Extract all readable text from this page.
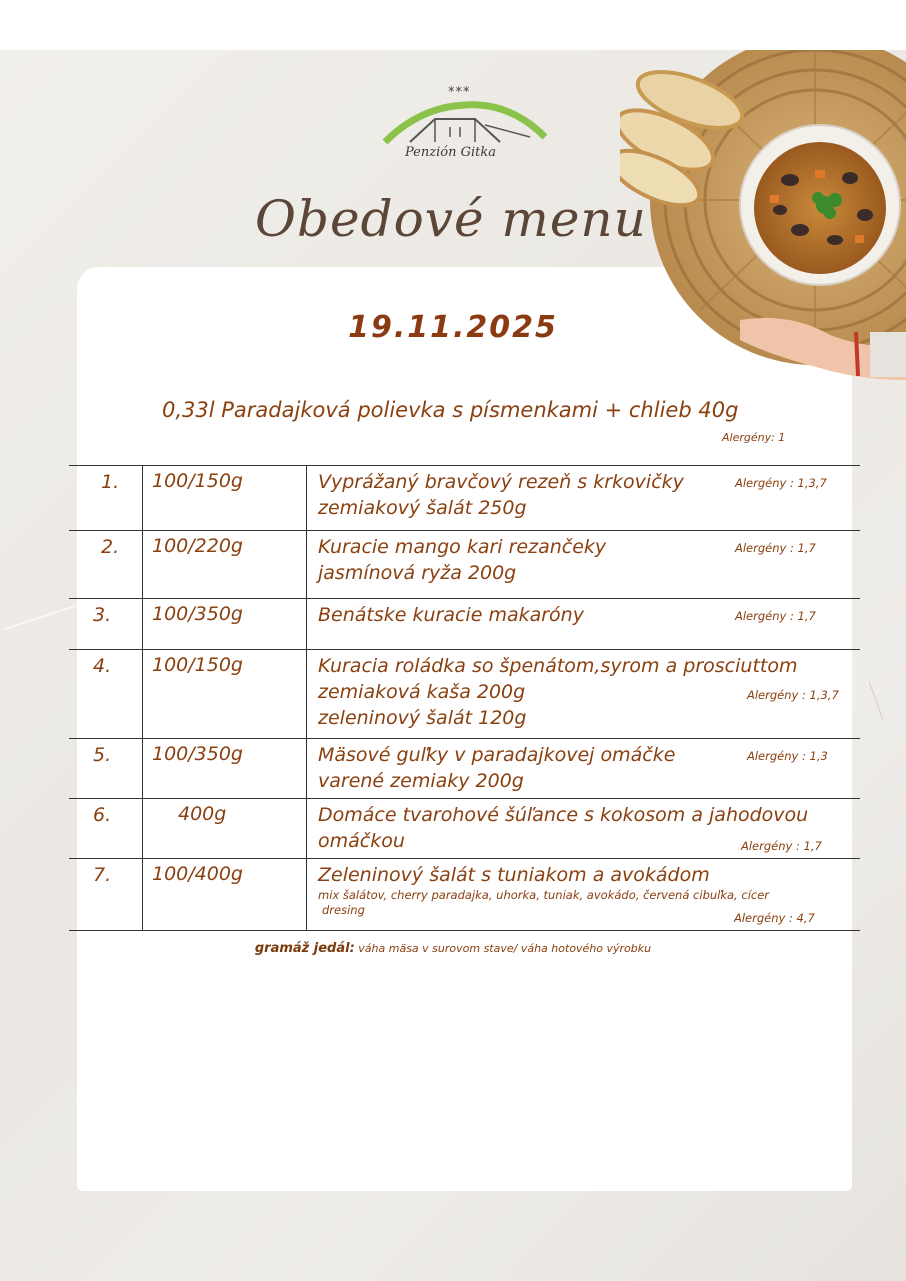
***
Penzión Gitka
Obedové menu
19.11.2025
0,33l Paradajková polievka s písmenkami + chlieb 40g
Alergény: 1
1.	100/150g	Vyprážaný bravčový rezeň s krkovičky
zemiakový šalát 250g
Alergény : 1,3,7

2.	100/220g	Kuracie mango kari rezančeky
jasmínová ryža 200g
Alergény : 1,7

3.	100/350g	Benátske kuracie makaróny Alergény : 1,7

4.	100/150g	Kuracia roládka so špenátom,syrom a prosciuttom
zemiaková kaša 200g
zeleninový šalát 120g
Alergény : 1,3,7

5.	100/350g	Mäsové guľky v paradajkovej omáčke
varené zemiaky 200g
Alergény : 1,3

6.	400g	Domáce tvarohové šúľance s kokosom a jahodovou
omáčkou Alergény : 1,7

7.	100/400g	Zeleninový šalát s tuniakom a avokádom
mix šalátov, cherry paradajka, uhorka, tuniak, avokádo, červená cibuľka, cícer
dresing
Alergény : 4,7
gramáž jedál: váha mäsa v surovom stave/ váha hotového výrobku
